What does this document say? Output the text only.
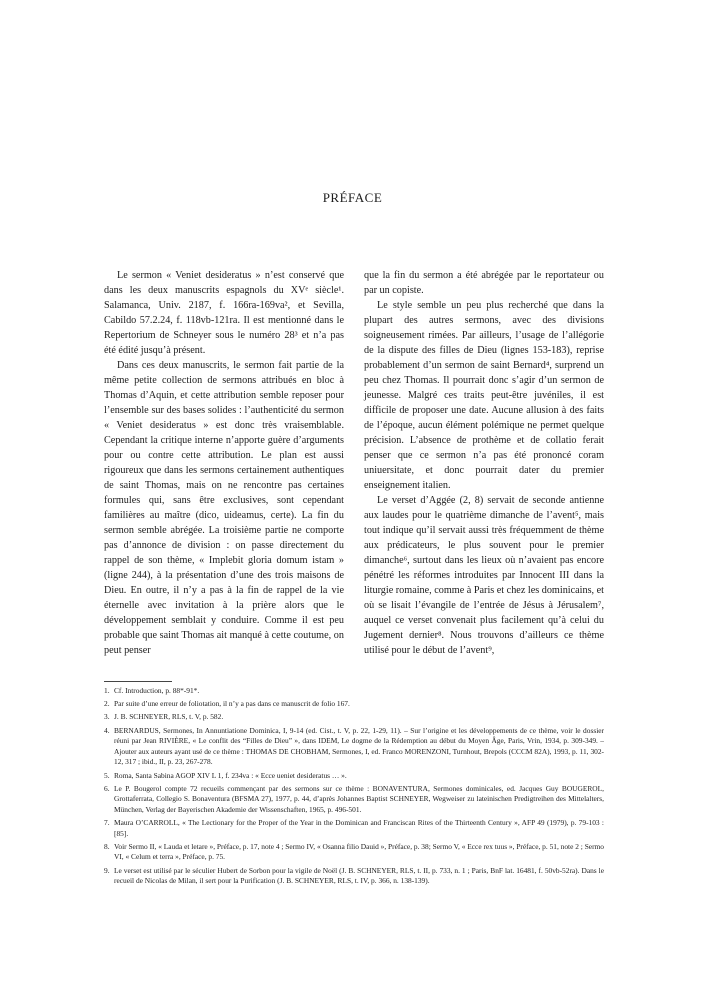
PRÉFACE

Le sermon « Veniet desideratus » n’est conservé que dans les deux manuscrits espagnols du XVᵉ siècle¹. Salamanca, Univ. 2187, f. 166ra-169va², et Sevilla, Cabildo 57.2.24, f. 118vb-121ra. Il est mentionné dans le Repertorium de Schneyer sous le numéro 28³ et n’a pas été édité jusqu’à présent.

Dans ces deux manuscrits, le sermon fait partie de la même petite collection de sermons attribués en bloc à Thomas d’Aquin, et cette attribution semble reposer pour l’ensemble sur des bases solides : l’authenticité du sermon « Veniet desideratus » est donc très vraisemblable. Cependant la critique interne n’apporte guère d’arguments pour ou contre cette attribution. Le plan est aussi rigoureux que dans les sermons certainement authentiques de saint Thomas, mais on ne rencontre pas certaines formules qui, sans être exclusives, sont cependant familières au maître (dico, uideamus, certe). La fin du sermon semble abrégée. La troisième partie ne comporte pas d’annonce de division : on passe directement du rappel de son thème, « Implebit gloria domum istam » (ligne 244), à la présentation d’une des trois maisons de Dieu. En outre, il n’y a pas à la fin de rappel de la vie éternelle avec invitation à la prière alors que le développement semblait y conduire. Comme il est peu probable que saint Thomas ait manqué à cette coutume, on peut penser

que la fin du sermon a été abrégée par le reportateur ou par un copiste.

Le style semble un peu plus recherché que dans la plupart des autres sermons, avec des divisions soigneusement rimées. Par ailleurs, l’usage de l’allégorie de la dispute des filles de Dieu (lignes 153-183), reprise probablement d’un sermon de saint Bernard⁴, surprend un peu chez Thomas. Il pourrait donc s’agir d’un sermon de jeunesse. Malgré ces traits peut-être juvéniles, il est difficile de proposer une date. Aucune allusion à des faits de l’époque, aucun élément polémique ne permet quelque précision. L’absence de prothème et de collatio ferait penser que ce sermon n’a pas été prononcé coram uniuersitate, et donc pourrait dater du premier enseignement italien.

Le verset d’Aggée (2, 8) servait de seconde antienne aux laudes pour le quatrième dimanche de l’avent⁵, mais tout indique qu’il servait aussi très fréquemment de thème aux prédicateurs, le plus souvent pour le premier dimanche⁶, surtout dans les lieux où n’avaient pas encore pénétré les réformes introduites par Innocent III dans la liturgie romaine, comme à Paris et chez les dominicains, et où se lisait l’évangile de l’entrée de Jésus à Jérusalem⁷, auquel ce verset convenait plus facilement qu’à celui du Jugement dernier⁸. Nous trouvons d’ailleurs ce thème utilisé pour le début de l’avent⁹,

1. Cf. Introduction, p. 88*-91*.
2. Par suite d’une erreur de foliotation, il n’y a pas dans ce manuscrit de folio 167.
3. J. B. SCHNEYER, RLS, t. V, p. 582.
4. BERNARDUS, Sermones, In Annuntiatione Dominica, I, 9-14 (ed. Cist., t. V, p. 22, 1-29, 11). – Sur l’origine et les développements de ce thème, voir le dossier réuni par Jean RIVIÈRE, « Le conflit des “Filles de Dieu” », dans IDEM, Le dogme de la Rédemption au début du Moyen Âge, Paris, Vrin, 1934, p. 309-349. – Ajouter aux auteurs ayant usé de ce thème : THOMAS DE CHOBHAM, Sermones, I, ed. Franco MORENZONI, Turnhout, Brepols (CCCM 82A), 1993, p. 11, 302-12, 317 ; ibid., II, p. 23, 267-278.
5. Roma, Santa Sabina AGOP XIV L 1, f. 234va : « Ecce ueniet desideratus … ».
6. Le P. Bougerol compte 72 recueils commençant par des sermons sur ce thème : BONAVENTURA, Sermones dominicales, ed. Jacques Guy BOUGEROL, Grottaferrata, Collegio S. Bonaventura (BFSMA 27), 1977, p. 44, d’après Johannes Baptist SCHNEYER, Wegweiser zu lateinischen Predigtreihen des Mittelalters, München, Verlag der Bayerischen Akademie der Wissenschaften, 1965, p. 496-501.
7. Maura O’CARROLL, « The Lectionary for the Proper of the Year in the Dominican and Franciscan Rites of the Thirteenth Century », AFP 49 (1979), p. 79-103 : [85].
8. Voir Sermo II, « Lauda et letare », Préface, p. 17, note 4 ; Sermo IV, « Osanna filio Dauid », Préface, p. 38; Sermo V, « Ecce rex tuus », Préface, p. 51, note 2 ; Sermo VI, « Celum et terra », Préface, p. 75.
9. Le verset est utilisé par le séculier Hubert de Sorbon pour la vigile de Noël (J. B. SCHNEYER, RLS, t. II, p. 733, n. 1 ; Paris, BnF lat. 16481, f. 50vb-52ra). Dans le recueil de Nicolas de Milan, il sert pour la Purification (J. B. SCHNEYER, RLS, t. IV, p. 366, n. 138-139).
